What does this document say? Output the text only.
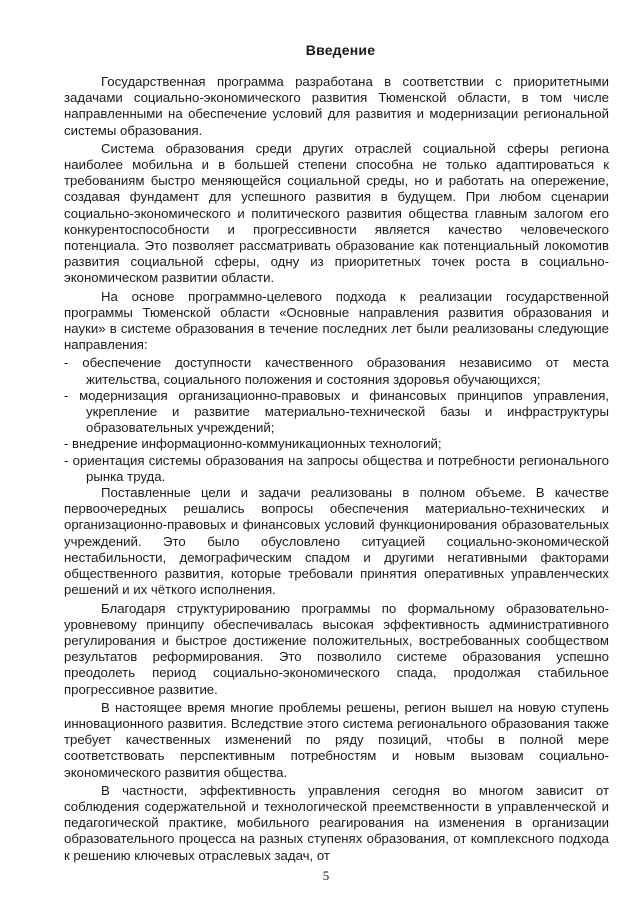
Введение

Государственная программа разработана в соответствии с приоритетными задачами социально-экономического развития Тюменской области, в том числе направленными на обеспечение условий для развития и модернизации региональной системы образования.

Система образования среди других отраслей социальной сферы региона наиболее мобильна и в большей степени способна не только адаптироваться к требованиям быстро меняющейся социальной среды, но и работать на опережение, создавая фундамент для успешного развития в будущем. При любом сценарии социально-экономического и политического развития общества главным залогом его конкурентоспособности и прогрессивности является качество человеческого потенциала. Это позволяет рассматривать образование как потенциальный локомотив развития социальной сферы, одну из приоритетных точек роста в социально-экономическом развитии области.

На основе программно-целевого подхода к реализации государственной программы Тюменской области «Основные направления развития образования и науки» в системе образования в течение последних лет были реализованы следующие направления:

- обеспечение доступности качественного образования независимо от места жительства, социального положения и состояния здоровья обучающихся;

- модернизация организационно-правовых и финансовых принципов управления, укрепление и развитие материально-технической базы и инфраструктуры образовательных учреждений;

- внедрение информационно-коммуникационных технологий;

- ориентация системы образования на запросы общества и потребности регионального рынка труда.

Поставленные цели и задачи реализованы в полном объеме. В качестве первоочередных решались вопросы обеспечения материально-технических и организационно-правовых и финансовых условий функционирования образовательных учреждений. Это было обусловлено ситуацией социально-экономической нестабильности, демографическим спадом и другими негативными факторами общественного развития, которые требовали принятия оперативных управленческих решений и их чёткого исполнения.

Благодаря структурированию программы по формальному образовательно-уровневому принципу обеспечивалась высокая эффективность административного регулирования и быстрое достижение положительных, востребованных сообществом результатов реформирования. Это позволило системе образования успешно преодолеть период социально-экономического спада, продолжая стабильное прогрессивное развитие.

В настоящее время многие проблемы решены, регион вышел на новую ступень инновационного развития. Вследствие этого система регионального образования также требует качественных изменений по ряду позиций, чтобы в полной мере соответствовать перспективным потребностям и новым вызовам социально-экономического развития общества.

В частности, эффективность управления сегодня во многом зависит от соблюдения содержательной и технологической преемственности в управленческой и педагогической практике, мобильного реагирования на изменения в организации образовательного процесса на разных ступенях образования, от комплексного подхода к решению ключевых отраслевых задач, от

5
